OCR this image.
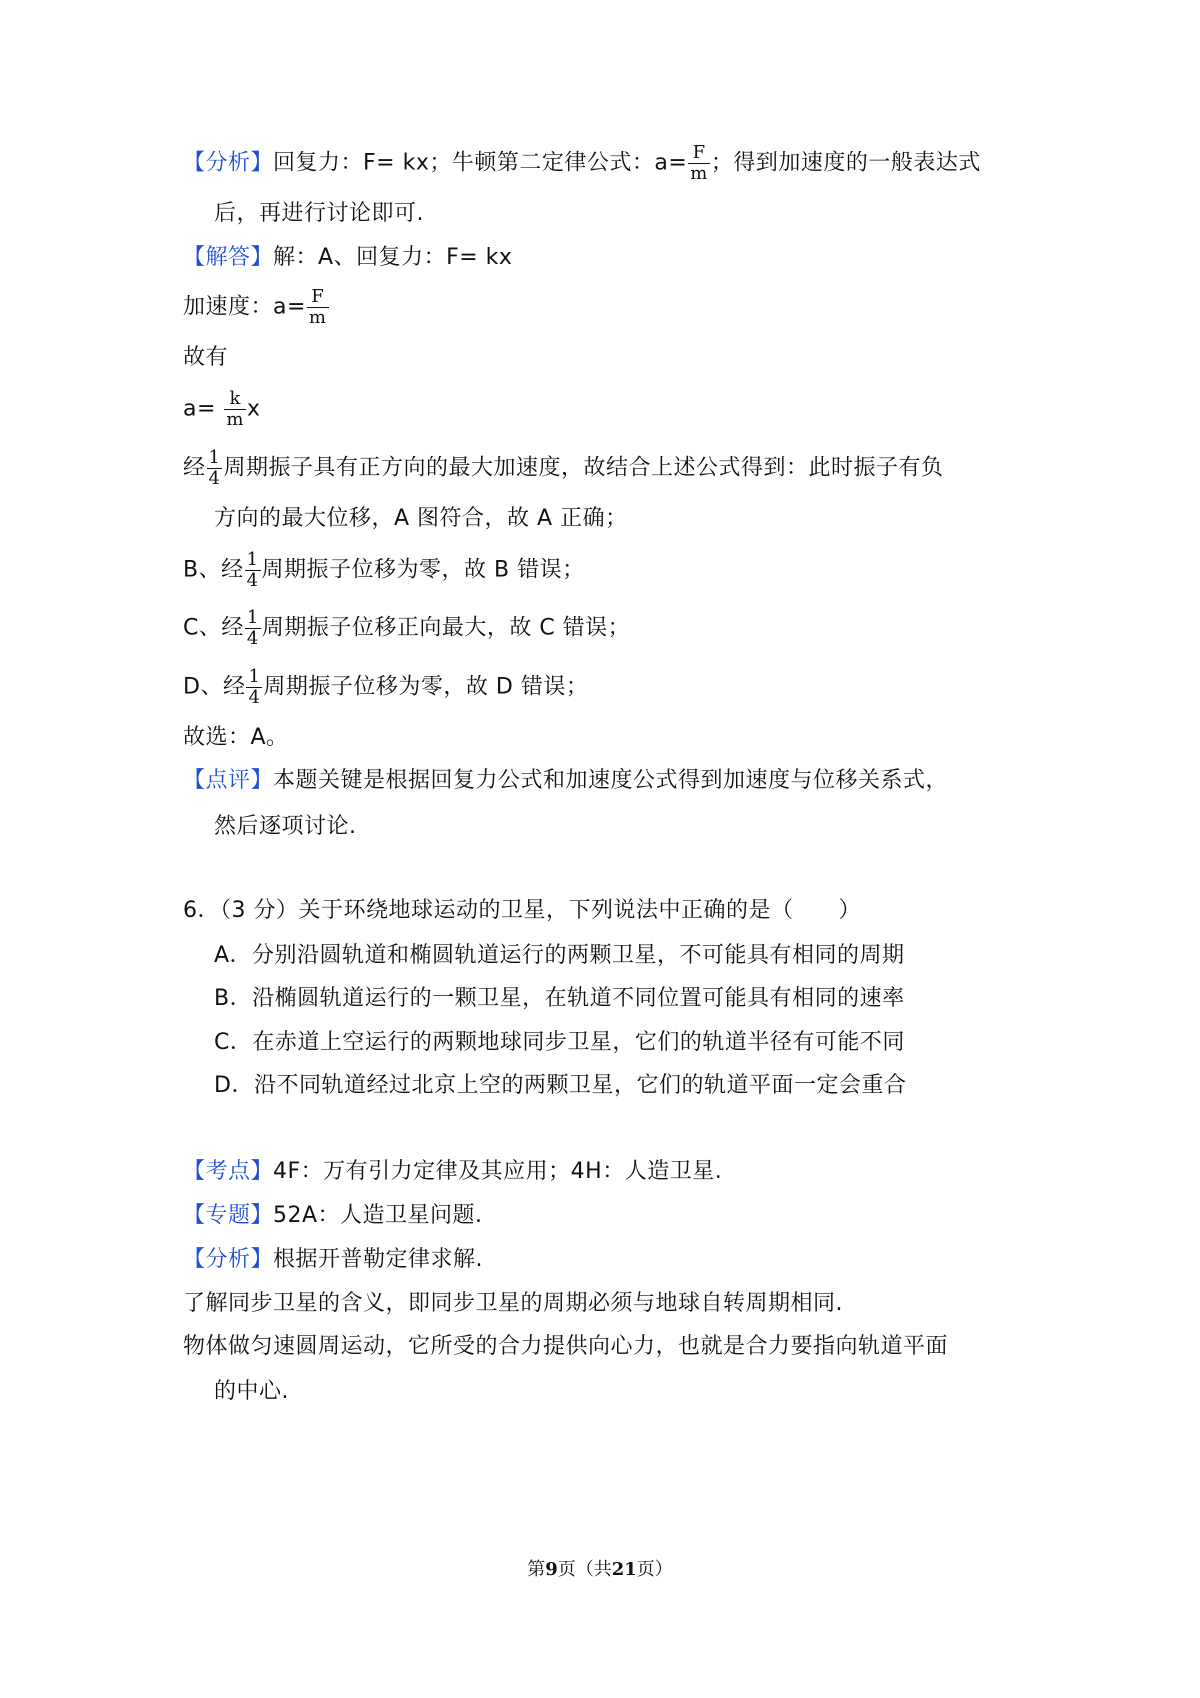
【分析】回复力：F= kx；牛顿第二定律公式：$a= \frac{F}{m}$ ；得到加速度的一般表达式
后，再进行讨论即可.
【解答】解：A、回复力：F= kx
加速度：$a= \frac{F}{m}$
故有
$a= \frac{k}{m}$ x
经 $\frac{1}{4}$ 周期振子具有正方向的最大加速度，故结合上述公式得到：此时振子有负
方向的最大位移，A 图符合，故 A 正确；
B、经 $\frac{1}{4}$ 周期振子位移为零，故 B 错误；
C、经 $\frac{1}{4}$ 周期振子位移正向最大，故 C 错误；
D、经 $\frac{1}{4}$ 周期振子位移为零，故 D 错误；
故选：A。
【点评】本题关键是根据回复力公式和加速度公式得到加速度与位移关系式，
然后逐项讨论.
6．（3 分）关于环绕地球运动的卫星，下列说法中正确的是（　　）
A．分别沿圆轨道和椭圆轨道运行的两颗卫星，不可能具有相同的周期
B．沿椭圆轨道运行的一颗卫星，在轨道不同位置可能具有相同的速率
C．在赤道上空运行的两颗地球同步卫星，它们的轨道半径有可能不同
D．沿不同轨道经过北京上空的两颗卫星，它们的轨道平面一定会重合
【考点】4F：万有引力定律及其应用；4H：人造卫星.
【专题】52A：人造卫星问题.
【分析】根据开普勒定律求解.
了解同步卫星的含义，即同步卫星的周期必须与地球自转周期相同.
物体做匀速圆周运动，它所受的合力提供向心力，也就是合力要指向轨道平面
的中心.
第9页（共21页）
